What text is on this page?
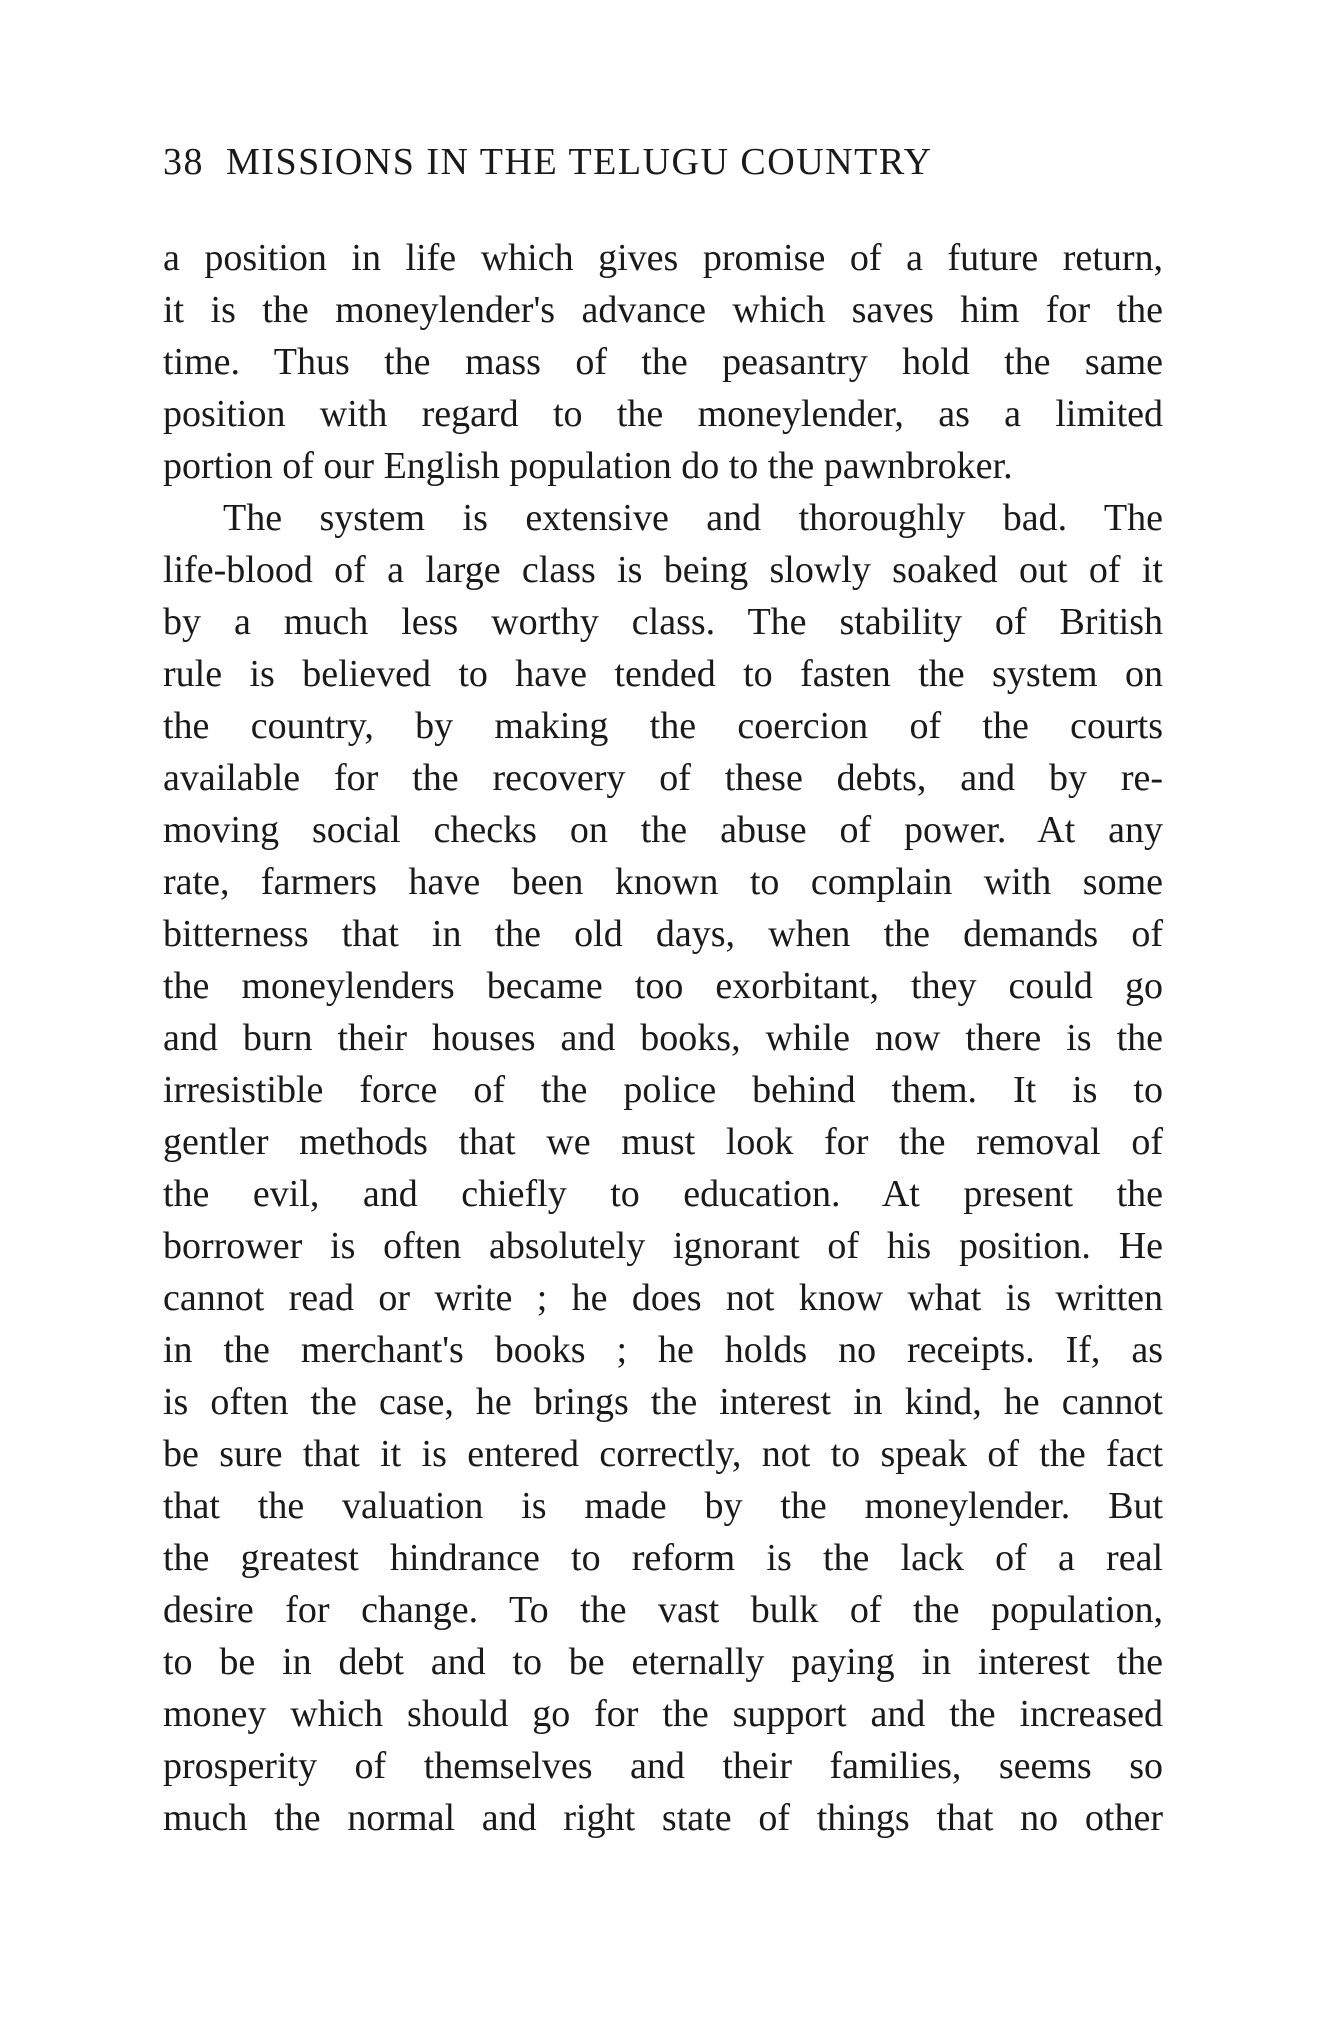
38 MISSIONS IN THE TELUGU COUNTRY
a position in life which gives promise of a future return,
it is the moneylender's advance which saves him for the
time. Thus the mass of the peasantry hold the same
position with regard to the moneylender, as a limited
portion of our English population do to the pawnbroker.
The system is extensive and thoroughly bad. The
life-blood of a large class is being slowly soaked out of it
by a much less worthy class. The stability of British
rule is believed to have tended to fasten the system on
the country, by making the coercion of the courts
available for the recovery of these debts, and by re-
moving social checks on the abuse of power. At any
rate, farmers have been known to complain with some
bitterness that in the old days, when the demands of
the moneylenders became too exorbitant, they could go
and burn their houses and books, while now there is the
irresistible force of the police behind them. It is to
gentler methods that we must look for the removal of
the evil, and chiefly to education. At present the
borrower is often absolutely ignorant of his position. He
cannot read or write ; he does not know what is written
in the merchant's books ; he holds no receipts. If, as
is often the case, he brings the interest in kind, he cannot
be sure that it is entered correctly, not to speak of the fact
that the valuation is made by the moneylender. But
the greatest hindrance to reform is the lack of a real
desire for change. To the vast bulk of the population,
to be in debt and to be eternally paying in interest the
money which should go for the support and the increased
prosperity of themselves and their families, seems so
much the normal and right state of things that no other
